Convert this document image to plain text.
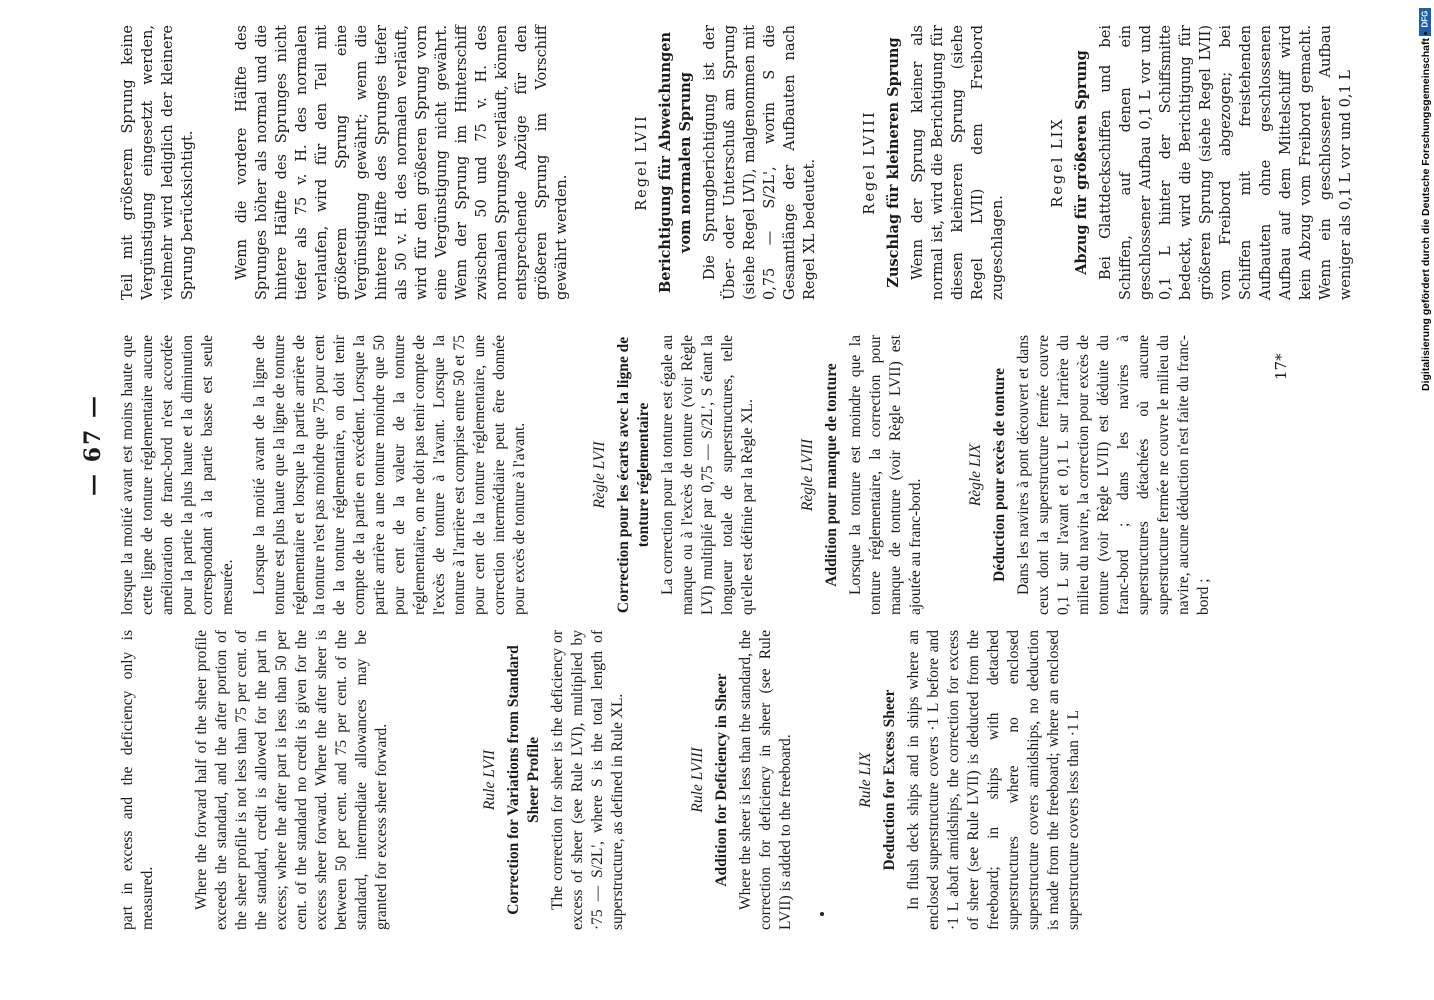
— 67 —

part in excess and the deficiency only is measured. Where the forward half of the sheer profile exceeds the standard, and the after portion of the sheer profile is not less than 75 per cent. of the standard, credit is allowed for the part in excess; where the after part is less than 50 per cent. of the standard no credit is given for the excess sheer forward. Where the after sheer is between 50 per cent. and 75 per cent. of the standard, intermediate allowances may be granted for excess sheer forward.	Rule LVII Correction for Variations from Standard Sheer Profile The correction for sheer is the deficiency or excess of sheer (see Rule LVI), multiplied by ·75 — S/2L', where S is the total length of superstructure, as defined in Rule XL.	Rule LVIII Addition for Deficiency in Sheer Where the sheer is less than the standard, the correction for deficiency in sheer (see Rule LVII) is added to the freeboard.	Rule LIX Deduction for Excess Sheer In flush deck ships and in ships where an enclosed superstructure covers ·1 L before and ·1 L abaft amidships, the correction for excess of sheer (see Rule LVII) is deducted from the freeboard; in ships with detached superstructures where no enclosed superstructure covers amidships, no deduction is made from the freeboard; where an enclosed superstructure covers less than ·1 L

lorsque la moitié avant est moins haute que cette ligne de tonture réglementaire aucune amélioration de franc-bord n'est accordée pour la partie la plus haute et la diminution correspondant à la partie basse est seule mesurée. Lorsque la moitié avant de la ligne de tonture est plus haute que la ligne de tonture réglementaire et lorsque la partie arrière de la tonture n'est pas moindre que 75 pour cent de la tonture réglementaire, on doit tenir compte de la partie en excédent. Lorsque la partie arrière a une tonture moindre que 50 pour cent de la valeur de la tonture réglementaire, on ne doit pas tenir compte de l'excès de tonture à l'avant. Lorsque la tonture à l'arrière est comprise entre 50 et 75 pour cent de la tonture réglementaire, une correction intermédiaire peut être donnée pour excès de tonture à l'avant.	Règle LVII Correction pour les écarts avec la ligne de tonture réglementaire La correction pour la tonture est égale au manque ou à l'excès de tonture (voir Règle LVI) multiplié par 0,75 — S/2L', S étant la longueur totale de superstructures, telle qu'elle est définie par la Règle XL.	Règle LVIII Addition pour manque de tonture Lorsque la tonture est moindre que la tonture réglementaire, la correction pour manque de tonture (voir Règle LVII) est ajoutée au franc-bord.

Règle LIX Déduction pour excès de tonture Dans les navires à pont découvert et dans ceux dont la superstructure fermée couvre 0,1 L sur l'avant et 0,1 L sur l'arrière du milieu du navire, la correction pour excès de tonture (voir Règle LVII) est déduite du franc-bord ; dans les navires à superstructures détachées où aucune superstructure fermée ne couvre le milieu du navire, aucune déduction n'est faite du franc-bord ;

Teil mit größerem Sprung keine Vergünstigung eingesetzt werden, vielmehr wird lediglich der kleinere Sprung berücksichtigt.	Wenn die vordere Hälfte des Sprunges höher als normal und die hintere Hälfte des Sprunges nicht tiefer als 75 v. H. des normalen verlaufen, wird für den Teil mit größerem Sprung eine Vergünstigung gewährt; wenn die hintere Hälfte des Sprunges tiefer als 50 v. H. des normalen verläuft, wird für den größeren Sprung vorn eine Vergünstigung nicht gewährt. Wenn der Sprung im Hinterschiff zwischen 50 und 75 v. H. des normalen Sprunges verläuft, können entsprechende Abzüge für den größeren Sprung im Vorschiff gewährt werden.

Regel LVII Berichtigung für Abweichungen vom normalen Sprung Die Sprungberichtigung ist der Über- oder Unterschuß am Sprung (siehe Regel LVI), malgenommen mit 0,75 — S/2L', worin S die Gesamtlänge der Aufbauten nach Regel XL bedeutet.	Regel LVIII Zuschlag für kleineren Sprung Wenn der Sprung kleiner als normal ist, wird die Berichtigung für diesen kleineren Sprung (siehe Regel LVII) dem Freibord zugeschlagen.

Regel LIX Abzug für größeren Sprung Bei Glattdeckschiffen und bei Schiffen, auf denen ein geschlossener Aufbau 0,1 L vor und 0,1 L hinter der Schiffsmitte bedeckt, wird die Berichtigung für größeren Sprung (siehe Regel LVII) vom Freibord abgezogen; bei Schiffen mit freistehenden Aufbauten ohne geschlossenen Aufbau auf dem Mittelschiff wird kein Abzug vom Freibord gemacht. Wenn ein geschlossener Aufbau weniger als 0,1 L vor und 0,1 L

17*
DFG
Digitalisierung gefördert durch die Deutsche Forschungsgemeinschaft •
